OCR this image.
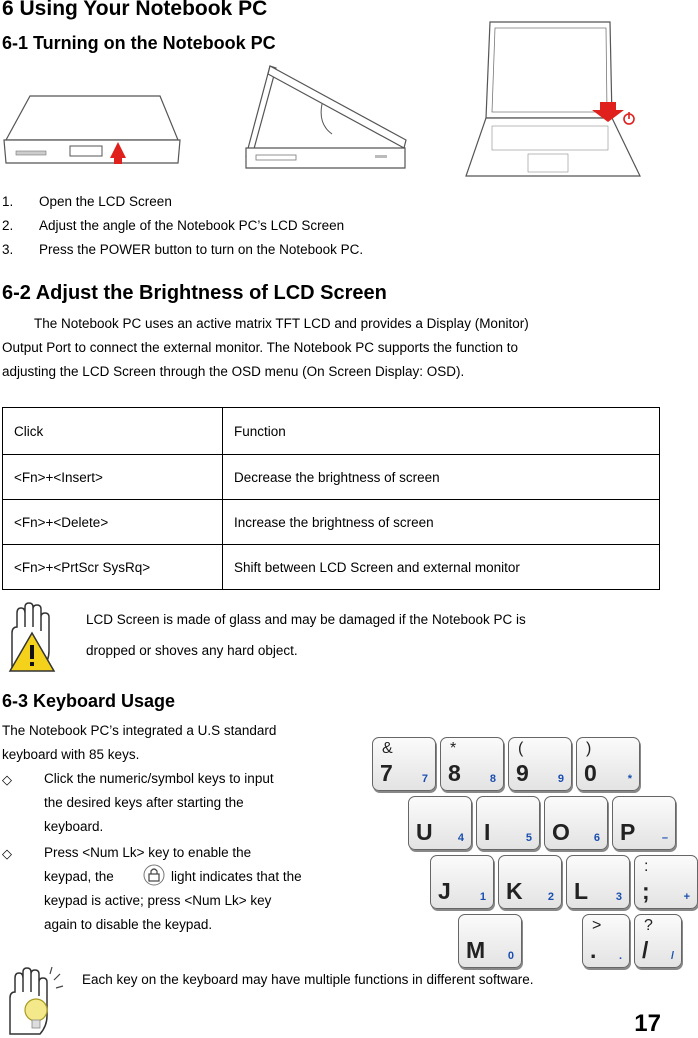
6 Using Your Notebook PC
6-1 Turning on the Notebook PC
1. Open the LCD Screen
2. Adjust the angle of the Notebook PC’s LCD Screen
3. Press the POWER button to turn on the Notebook PC.
6-2 Adjust the Brightness of LCD Screen
The Notebook PC uses an active matrix TFT LCD and provides a Display (Monitor)
Output Port to connect the external monitor. The Notebook PC supports the function to
adjusting the LCD Screen through the OSD menu (On Screen Display: OSD).
Click	Function
<Fn>+<Insert>	Decrease the brightness of screen
<Fn>+<Delete>	Increase the brightness of screen
<Fn>+<PrtScr SysRq>	Shift between LCD Screen and external monitor
LCD Screen is made of glass and may be damaged if the Notebook PC is
dropped or shoves any hard object.
6-3 Keyboard Usage
The Notebook PC’s integrated a U.S standard
keyboard with 85 keys.
◇ Click the numeric/symbol keys to input
the desired keys after starting the
keyboard.
◇ Press <Num Lk> key to enable the
keypad, the	light indicates that the
keypad is active; press <Num Lk> key
again to disable the keypad.
&
7	7
*
8	8
(
9	9
)
0	*
U 4 I	5 O 6 P –
J	1 K 2 L	3
:
;	+
M 0
>
. .
?
/ /
Each key on the keyboard may have multiple functions in different software.
17
